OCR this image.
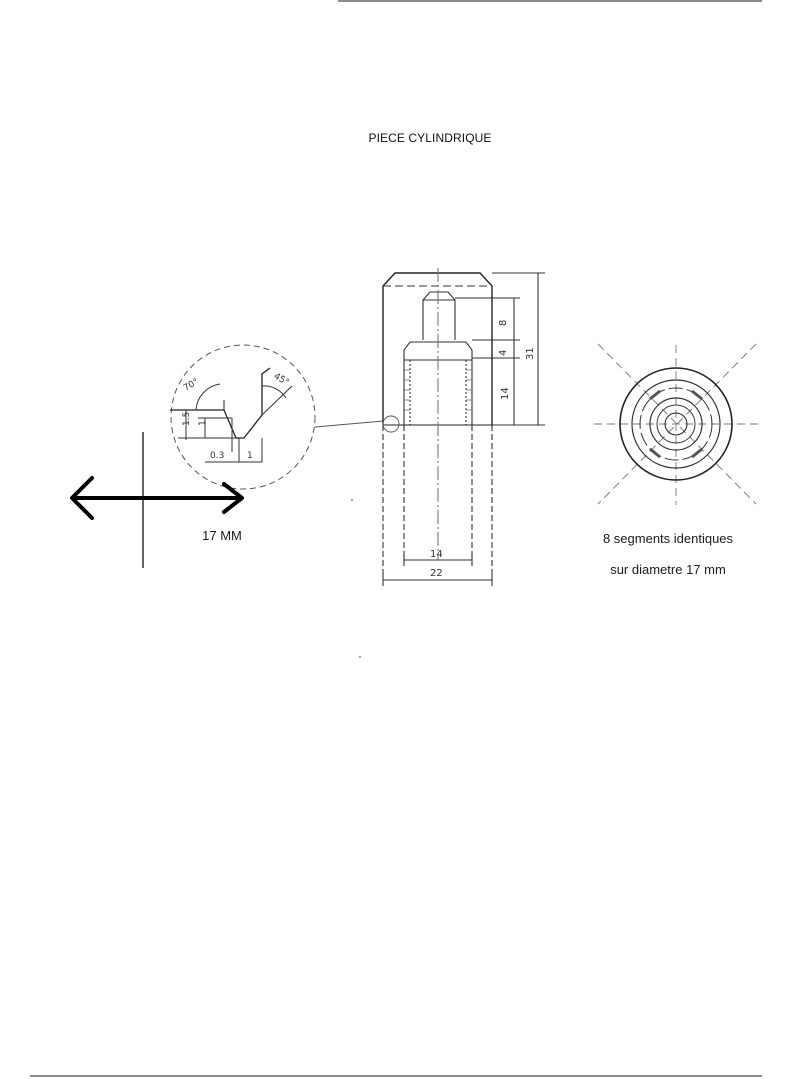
70°	45°
1.5 1
0.3	1
8
4
14
31
14
22
PIECE CYLINDRIQUE
17 MM	8 segments identiques
sur diametre 17 mm
